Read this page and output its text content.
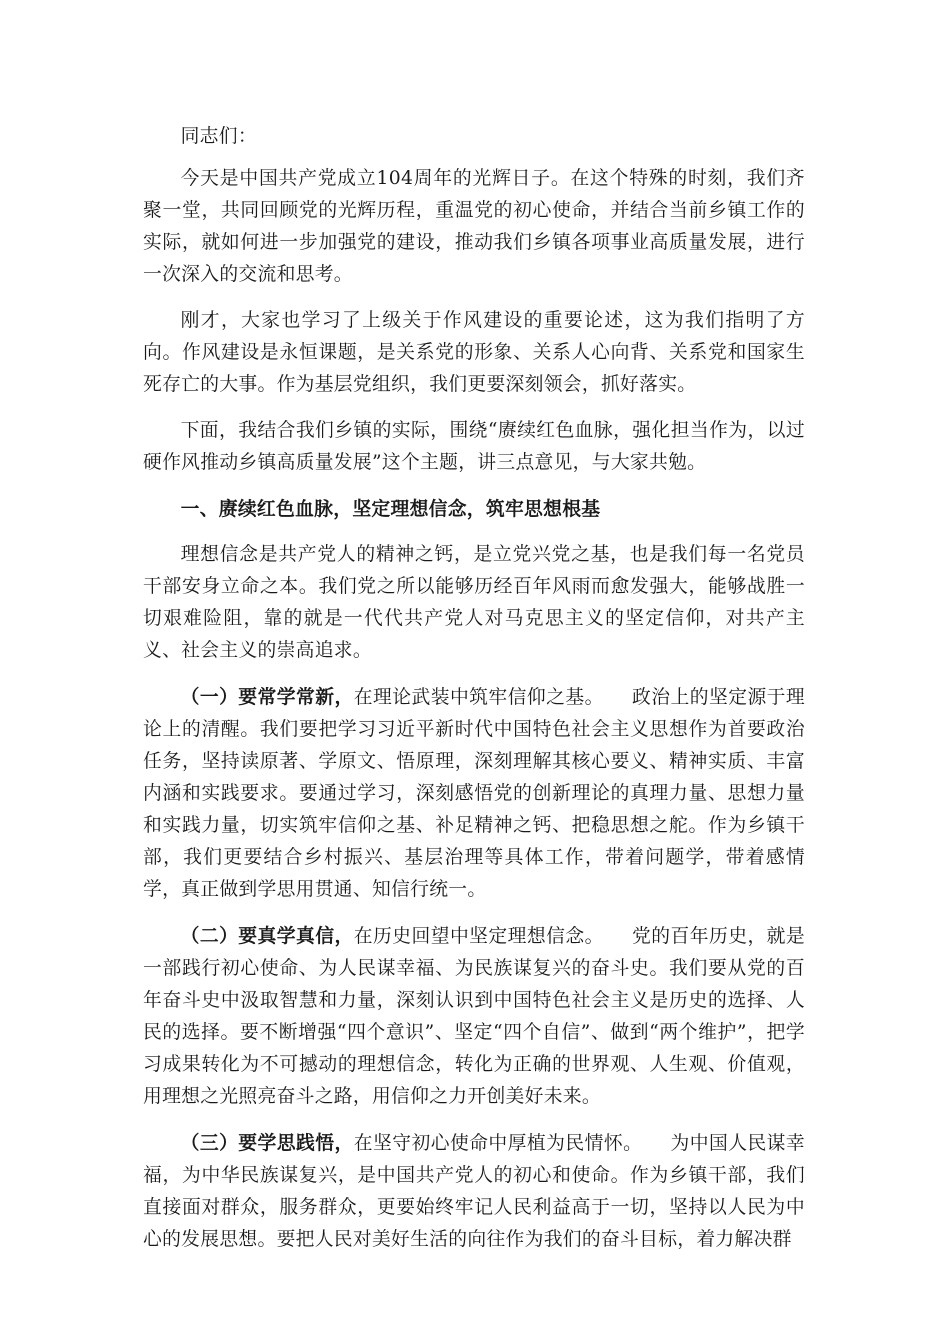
同志们：

今天是中国共产党成立104周年的光辉日子。在这个特殊的时刻，我们齐聚一堂，共同回顾党的光辉历程，重温党的初心使命，并结合当前乡镇工作的实际，就如何进一步加强党的建设，推动我们乡镇各项事业高质量发展，进行一次深入的交流和思考。

刚才，大家也学习了上级关于作风建设的重要论述，这为我们指明了方向。作风建设是永恒课题，是关系党的形象、关系人心向背、关系党和国家生死存亡的大事。作为基层党组织，我们更要深刻领会，抓好落实。

下面，我结合我们乡镇的实际，围绕“赓续红色血脉，强化担当作为，以过硬作风推动乡镇高质量发展”这个主题，讲三点意见，与大家共勉。

一、赓续红色血脉，坚定理想信念，筑牢思想根基

理想信念是共产党人的精神之钙，是立党兴党之基，也是我们每一名党员干部安身立命之本。我们党之所以能够历经百年风雨而愈发强大，能够战胜一切艰难险阻，靠的就是一代代共产党人对马克思主义的坚定信仰，对共产主义、社会主义的崇高追求。

（一）要常学常新，在理论武装中筑牢信仰之基。 政治上的坚定源于理论上的清醒。我们要把学习习近平新时代中国特色社会主义思想作为首要政治任务，坚持读原著、学原文、悟原理，深刻理解其核心要义、精神实质、丰富内涵和实践要求。要通过学习，深刻感悟党的创新理论的真理力量、思想力量和实践力量，切实筑牢信仰之基、补足精神之钙、把稳思想之舵。作为乡镇干部，我们更要结合乡村振兴、基层治理等具体工作，带着问题学，带着感情学，真正做到学思用贯通、知信行统一。

（二）要真学真信，在历史回望中坚定理想信念。 党的百年历史，就是一部践行初心使命、为人民谋幸福、为民族谋复兴的奋斗史。我们要从党的百年奋斗史中汲取智慧和力量，深刻认识到中国特色社会主义是历史的选择、人民的选择。要不断增强“四个意识”、坚定“四个自信”、做到“两个维护”，把学习成果转化为不可撼动的理想信念，转化为正确的世界观、人生观、价值观，用理想之光照亮奋斗之路，用信仰之力开创美好未来。

（三）要学思践悟，在坚守初心使命中厚植为民情怀。 为中国人民谋幸福，为中华民族谋复兴，是中国共产党人的初心和使命。作为乡镇干部，我们直接面对群众，服务群众，更要始终牢记人民利益高于一切，坚持以人民为中心的发展思想。要把人民对美好生活的向往作为我们的奋斗目标，着力解决群
